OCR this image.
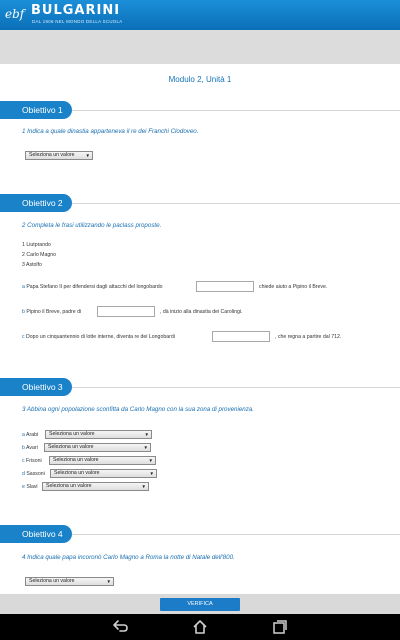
ebf BULGARINI
DAL 1906 NEL MONDO DELLA SCUOLA
Modulo 2, Unità 1
Obiettivo 1
1 Indica a quale dinastia apparteneva il re dei Franchi Clodoveo.
Seleziona un valore ▼
Obiettivo 2
2 Completa le frasi utilizzando le paclass proposte.
1 Liutprando
2 Carlo Magno
3 Astolfo
a Papa Stefano II per difendersi dagli attacchi del longobardo	chiede aiuto a Pipino il Breve.
b Pipino il Breve, padre di	, dà inizio alla dinastia dei Carolingi.
c Dopo un cinquantennio di lotte interne, diventa re dei Longobardi	, che regna a partire dal 712.
Obiettivo 3
3 Abbina ogni popolazione sconfitta da Carlo Magno con la sua zona di provenienza.
a Arabi	Seleziona un valore	▼
b Avari	Seleziona un valore	▼
c Frisoni	Seleziona un valore	▼
d Sassoni	Seleziona un valore	▼
e Slavi	Seleziona un valore	▼
Obiettivo 4
4 Indica quale papa incoronò Carlo Magno a Roma la notte di Natale dell'800.
Seleziona un valore	▼
VERIFICA
